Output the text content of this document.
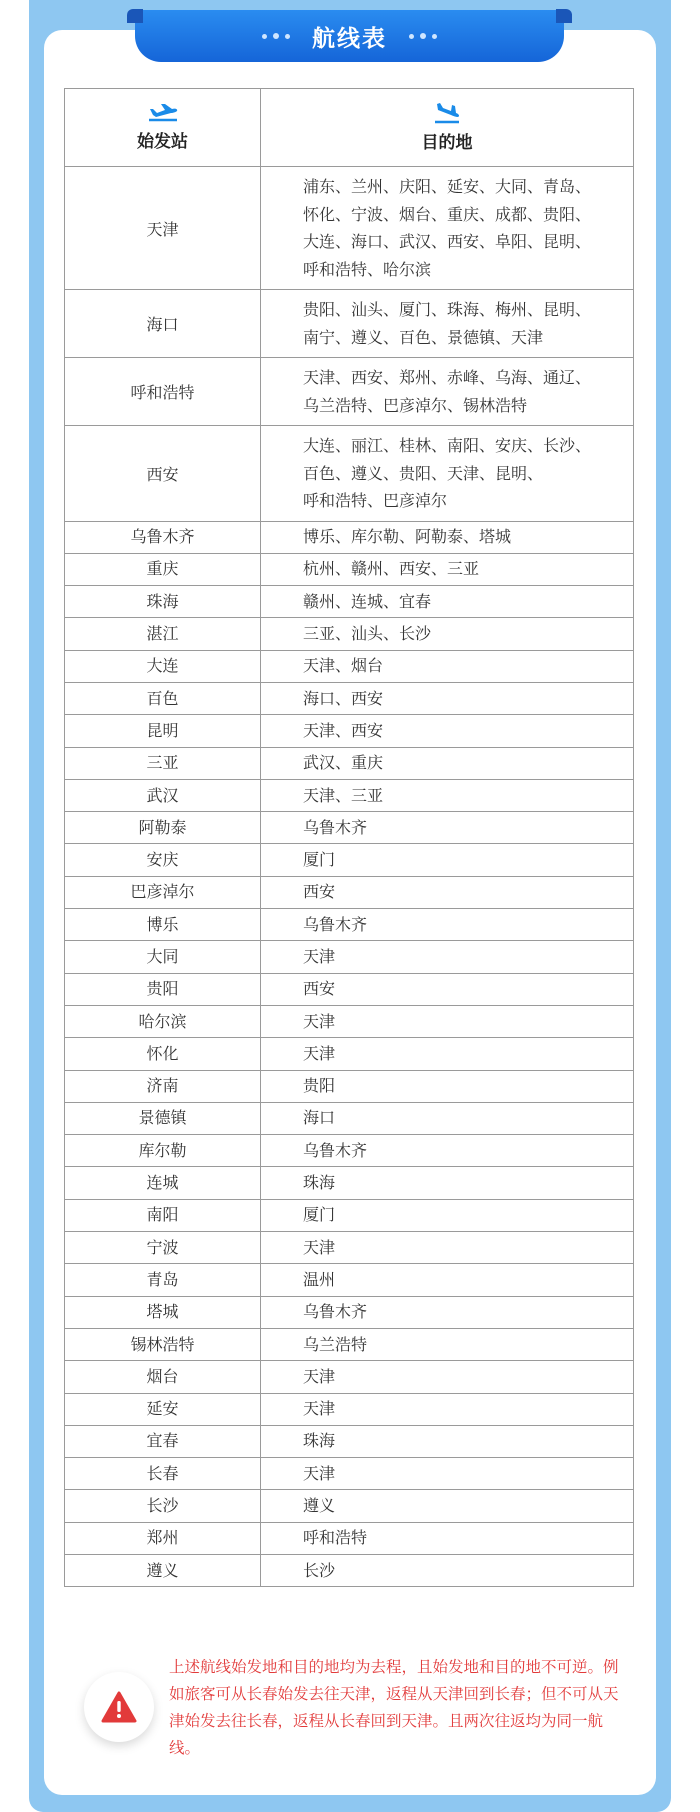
航线表
始发站	目的地

天津	浦东、兰州、庆阳、延安、大同、青岛、
怀化、宁波、烟台、重庆、成都、贵阳、
大连、海口、武汉、西安、阜阳、昆明、
呼和浩特、哈尔滨

海口	贵阳、汕头、厦门、珠海、梅州、昆明、
南宁、遵义、百色、景德镇、天津

呼和浩特	天津、西安、郑州、赤峰、乌海、通辽、
乌兰浩特、巴彦淖尔、锡林浩特

西安	大连、丽江、桂林、南阳、安庆、长沙、
百色、遵义、贵阳、天津、昆明、
呼和浩特、巴彦淖尔

乌鲁木齐	博乐、库尔勒、阿勒泰、塔城

重庆	杭州、赣州、西安、三亚

珠海	赣州、连城、宜春

湛江	三亚、汕头、长沙

大连	天津、烟台

百色	海口、西安

昆明	天津、西安

三亚	武汉、重庆

武汉	天津、三亚

阿勒泰	乌鲁木齐

安庆	厦门

巴彦淖尔	西安

博乐	乌鲁木齐

大同	天津

贵阳	西安

哈尔滨	天津

怀化	天津

济南	贵阳

景德镇	海口

库尔勒	乌鲁木齐

连城	珠海

南阳	厦门

宁波	天津

青岛	温州

塔城	乌鲁木齐

锡林浩特	乌兰浩特

烟台	天津

延安	天津

宜春	珠海

长春	天津

长沙	遵义

郑州	呼和浩特

遵义	长沙
上述航线始发地和目的地均为去程，且始发地和目的地不可逆。例如旅客可从长春始发去往天津，返程从天津回到长春；但不可从天津始发去往长春，返程从长春回到天津。且两次往返均为同一航线。
